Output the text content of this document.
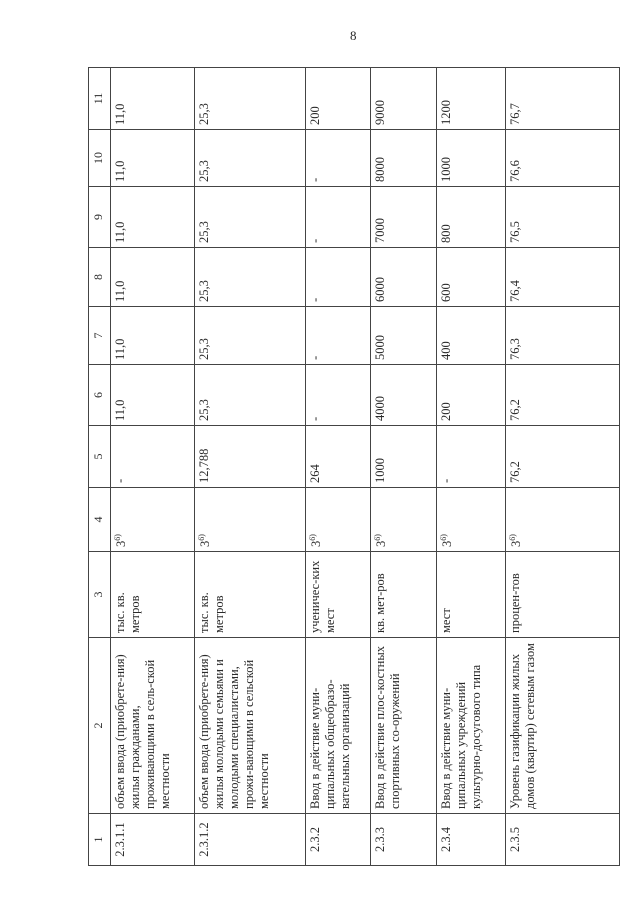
8
1	2	3	4	5	6	7	8	9	10	11
2.3.1.1	объем ввода (приобрете-ния) жилья гражданами, проживающими в сель-ской местности	тыс. кв. метров	3$^{6)}$	-	11,0	11,0	11,0	11,0	11,0	11,0
2.3.1.2	объем ввода (приобрете-ния) жилья молодыми семьями и молодыми специалистами, прожи-вающими в сельской местности	тыс. кв. метров	3$^{6)}$	12,788	25,3	25,3	25,3	25,3	25,3	25,3
2.3.2	Ввод в действие муни-ципальных общеобразо-вательных организаций	ученичес-ких мест	3$^{6)}$	264	-	-	-	-	-	200
2.3.3	Ввод в действие плос-костных спортивных со-оружений	кв. мет-ров	3$^{6)}$	1000	4000	5000	6000	7000	8000	9000
2.3.4	Ввод в действие муни-ципальных учреждений культурно-досугового типа	мест	3$^{6)}$	-	200	400	600	800	1000	1200
2.3.5	Уровень газификации жилых домов (квартир) сетевым газом	процен-тов	3$^{6)}$	76,2	76,2	76,3	76,4	76,5	76,6	76,7
